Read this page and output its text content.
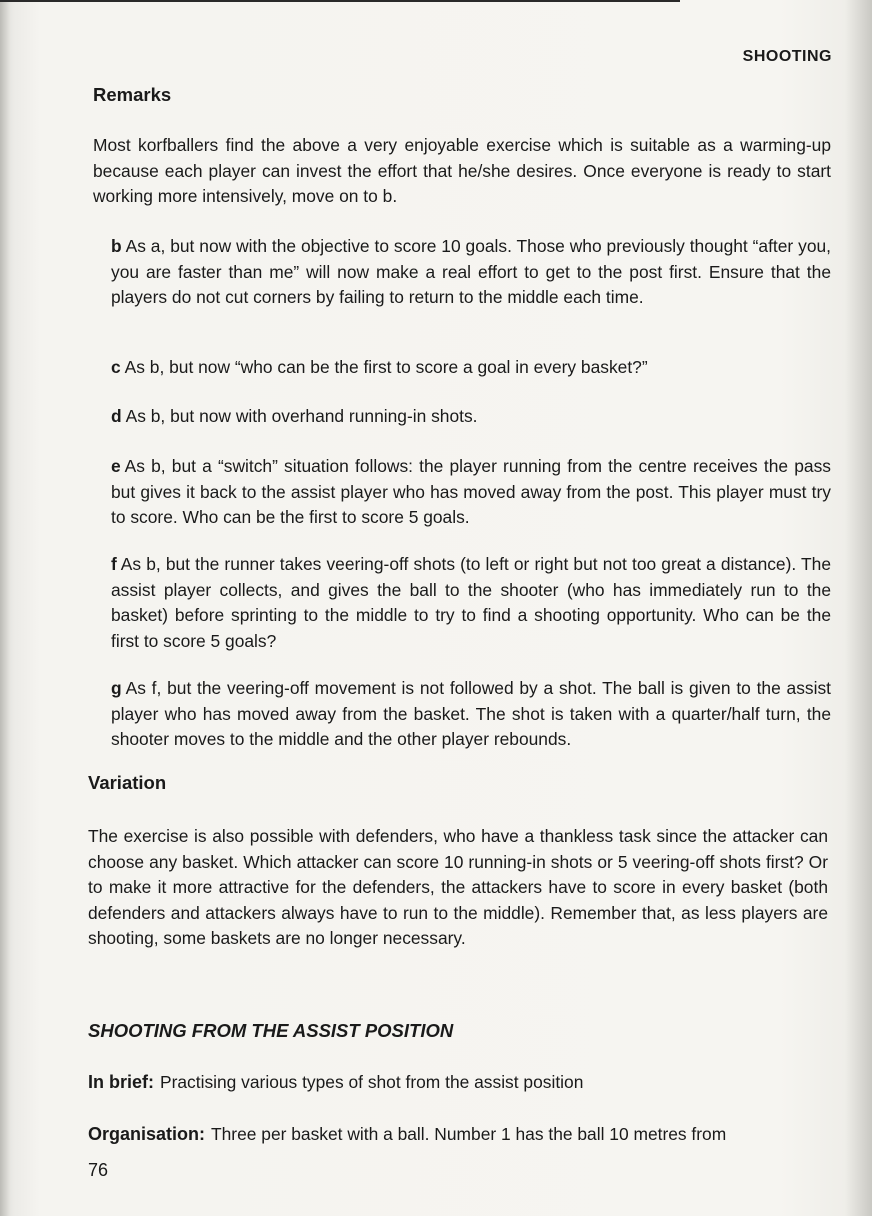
SHOOTING
Remarks

Most korfballers find the above a very enjoyable exercise which is suitable as a warming-up because each player can invest the effort that he/she desires. Once everyone is ready to start working more intensively, move on to b.

b As a, but now with the objective to score 10 goals. Those who previously thought “after you, you are faster than me” will now make a real effort to get to the post first. Ensure that the players do not cut corners by failing to return to the middle each time.

c As b, but now “who can be the first to score a goal in every basket?”

d As b, but now with overhand running-in shots.

e As b, but a “switch” situation follows: the player running from the centre receives the pass but gives it back to the assist player who has moved away from the post. This player must try to score. Who can be the first to score 5 goals.

f As b, but the runner takes veering-off shots (to left or right but not too great a distance). The assist player collects, and gives the ball to the shooter (who has immediately run to the basket) before sprinting to the middle to try to find a shooting opportunity. Who can be the first to score 5 goals?

g As f, but the veering-off movement is not followed by a shot. The ball is given to the assist player who has moved away from the basket. The shot is taken with a quarter/half turn, the shooter moves to the middle and the other player rebounds.

Variation

The exercise is also possible with defenders, who have a thankless task since the attacker can choose any basket. Which attacker can score 10 running-in shots or 5 veering-off shots first? Or to make it more attractive for the defenders, the attackers have to score in every basket (both defenders and attackers always have to run to the middle). Remember that, as less players are shooting, some baskets are no longer necessary.

SHOOTING FROM THE ASSIST POSITION

In brief: Practising various types of shot from the assist position

Organisation: Three per basket with a ball. Number 1 has the ball 10 metres from

76
